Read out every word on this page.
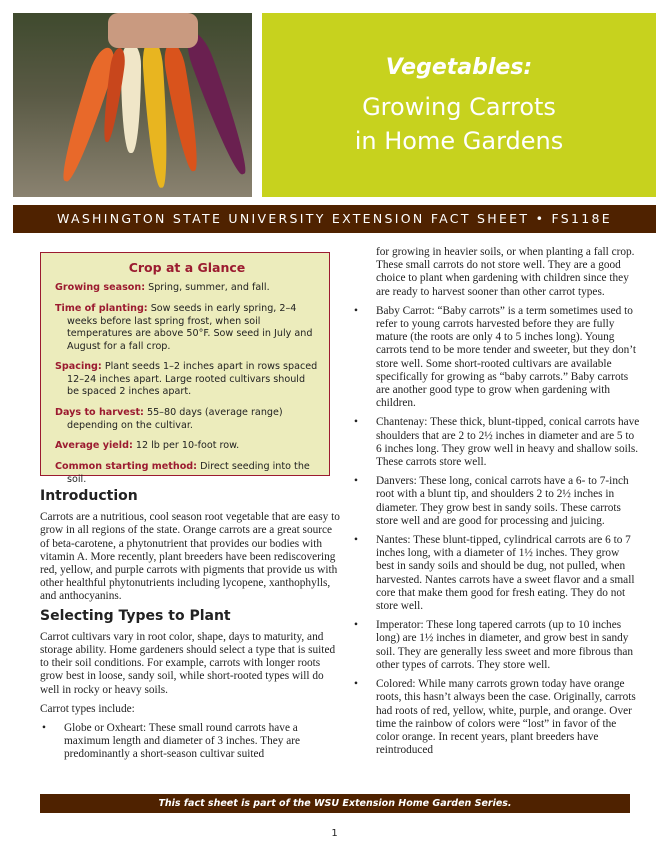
Vegetables:
Growing Carrots
in Home Gardens
WASHINGTON STATE UNIVERSITY EXTENSION FACT SHEET • FS118E
Crop at a Glance

Growing season: Spring, summer, and fall.

Time of planting: Sow seeds in early spring, 2–4 weeks before last spring frost, when soil temperatures are above 50°F. Sow seed in July and August for a fall crop.

Spacing: Plant seeds 1–2 inches apart in rows spaced 12–24 inches apart. Large rooted cultivars should be spaced 2 inches apart.

Days to harvest: 55–80 days (average range) depending on the cultivar.

Average yield: 12 lb per 10-foot row.

Common starting method: Direct seeding into the soil.

Introduction

Carrots are a nutritious, cool season root vegetable that are easy to grow in all regions of the state. Orange carrots are a great source of beta-carotene, a phytonutrient that provides our bodies with vitamin A. More recently, plant breeders have been rediscovering red, yellow, and purple carrots with pigments that provide us with other healthful phytonutrients including lycopene, xanthophylls, and anthocyanins.

Selecting Types to Plant

Carrot cultivars vary in root color, shape, days to maturity, and storage ability. Home gardeners should select a type that is suited to their soil conditions. For example, carrots with longer roots grow best in loose, sandy soil, while short-rooted types will do well in rocky or heavy soils.

Carrot types include:

• Globe or Oxheart: These small round carrots have a maximum length and diameter of 3 inches. They are predominantly a short-season cultivar suited

for growing in heavier soils, or when planting a fall crop. These small carrots do not store well. They are a good choice to plant when gardening with children since they are ready to harvest sooner than other carrot types.

• Baby Carrot: “Baby carrots” is a term sometimes used to refer to young carrots harvested before they are fully mature (the roots are only 4 to 5 inches long). Young carrots tend to be more tender and sweeter, but they don’t store well. Some short-rooted cultivars are available specifically for growing as “baby carrots.” Baby carrots are another good type to grow when gardening with children.
• Chantenay: These thick, blunt-tipped, conical carrots have shoulders that are 2 to 2½ inches in diameter and are 5 to 6 inches long. They grow well in heavy and shallow soils. These carrots store well.
• Danvers: These long, conical carrots have a 6- to 7-inch root with a blunt tip, and shoulders 2 to 2½ inches in diameter. They grow best in sandy soils. These carrots store well and are good for processing and juicing.
• Nantes: These blunt-tipped, cylindrical carrots are 6 to 7 inches long, with a diameter of 1½ inches. They grow best in sandy soils and should be dug, not pulled, when harvested. Nantes carrots have a sweet flavor and a small core that make them good for fresh eating. They do not store well.
• Imperator: These long tapered carrots (up to 10 inches long) are 1½ inches in diameter, and grow best in sandy soil. They are generally less sweet and more fibrous than other types of carrots. They store well.
• Colored: While many carrots grown today have orange roots, this hasn’t always been the case. Originally, carrots had roots of red, yellow, white, purple, and orange. Over time the rainbow of colors were “lost” in favor of the color orange. In recent years, plant breeders have reintroduced
This fact sheet is part of the WSU Extension Home Garden Series.
1
